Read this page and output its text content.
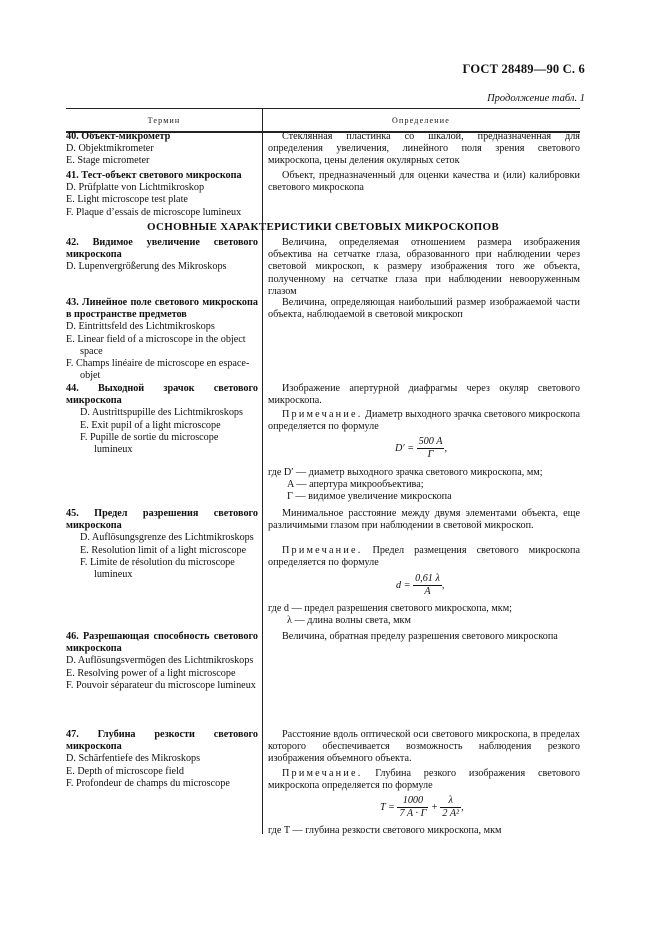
ГОСТ 28489—90 С. 6
Продолжение табл. 1
Термин	Определение
40. Объект-микрометр
D. Objektmikrometer
E. Stage micrometer
Стеклянная пластинка со шкалой, предназначенная для определения увеличения, линейного поля зрения светового микроскопа, цены деления окулярных сеток
41. Тест-объект светового микроскопа
D. Prüfplatte von Lichtmikroskop
E. Light microscope test plate
F. Plaque d’essais de microscope lumineux
Объект, предназначенный для оценки качества и (или) калибровки светового микроскопа
ОСНОВНЫЕ ХАРАКТЕРИСТИКИ СВЕТОВЫХ МИКРОСКОПОВ
42. Видимое увеличение светового микроскопа
D. Lupenvergrößerung des Mikroskops
Величина, определяемая отношением размера изображения объектива на сетчатке глаза, образованного при наблюдении через световой микроскоп, к размеру изображения того же объекта, полученному на сетчатке глаза при наблюдении невооруженным глазом
43. Линейное поле светового микроскопа в пространстве предметов
D. Eintrittsfeld des Lichtmikroskops
E. Linear field of a microscope in the object space
F. Champs linéaire de microscope en espace-objet
Величина, определяющая наибольший размер изображаемой части объекта, наблюдаемой в световой микроскоп
44. Выходной зрачок светового микроскопа
D. Austrittspupille des Lichtmikroskops
E. Exit pupil of a light microscope
F. Pupille de sortie du microscope lumineux
Изображение апертурной диафрагмы через окуляр светового микроскопа.
Примечание. Диаметр выходного зрачка светового микроскопа определяется по формуле
$D' = \frac{500 A}{Г}$ ,
где D′ — диаметр выходного зрачка светового микроскопа, мм;
A — апертура микрообъектива;
Г — видимое увеличение микроскопа
45. Предел разрешения светового микроскопа
D. Auflösungsgrenze des Lichtmikroskops
E. Resolution limit of a light microscope
F. Limite de résolution du microscope lumineux
Минимальное расстояние между двумя элементами объекта, еще различимыми глазом при наблюдении в световой микроскоп.
Примечание. Предел размещения светового микроскопа определяется по формуле
$d = \frac{0,61 \lambda}{A}$ ,
где d — предел разрешения светового микроскопа, мкм;
λ — длина волны света, мкм
46. Разрешающая способность светового микроскопа
D. Auflösungsvermögen des Lichtmikroskops
E. Resolving power of a light microscope
F. Pouvoir séparateur du microscope lumineux
Величина, обратная пределу разрешения светового микроскопа
47. Глубина резкости светового микроскопа
D. Schärfentiefe des Mikroskops
E. Depth of microscope field
F. Profondeur de champs du microscope
Расстояние вдоль оптической оси светового микроскопа, в пределах которого обеспечивается возможность наблюдения резкого изображения объемного объекта.
Примечание. Глубина резкого изображения светового микроскопа определяется по формуле
$T = \frac{1000}{7 A \cdot Г} + \frac{\lambda}{\text{2 A²}}$ ,
где T — глубина резкости светового микроскопа, мкм
